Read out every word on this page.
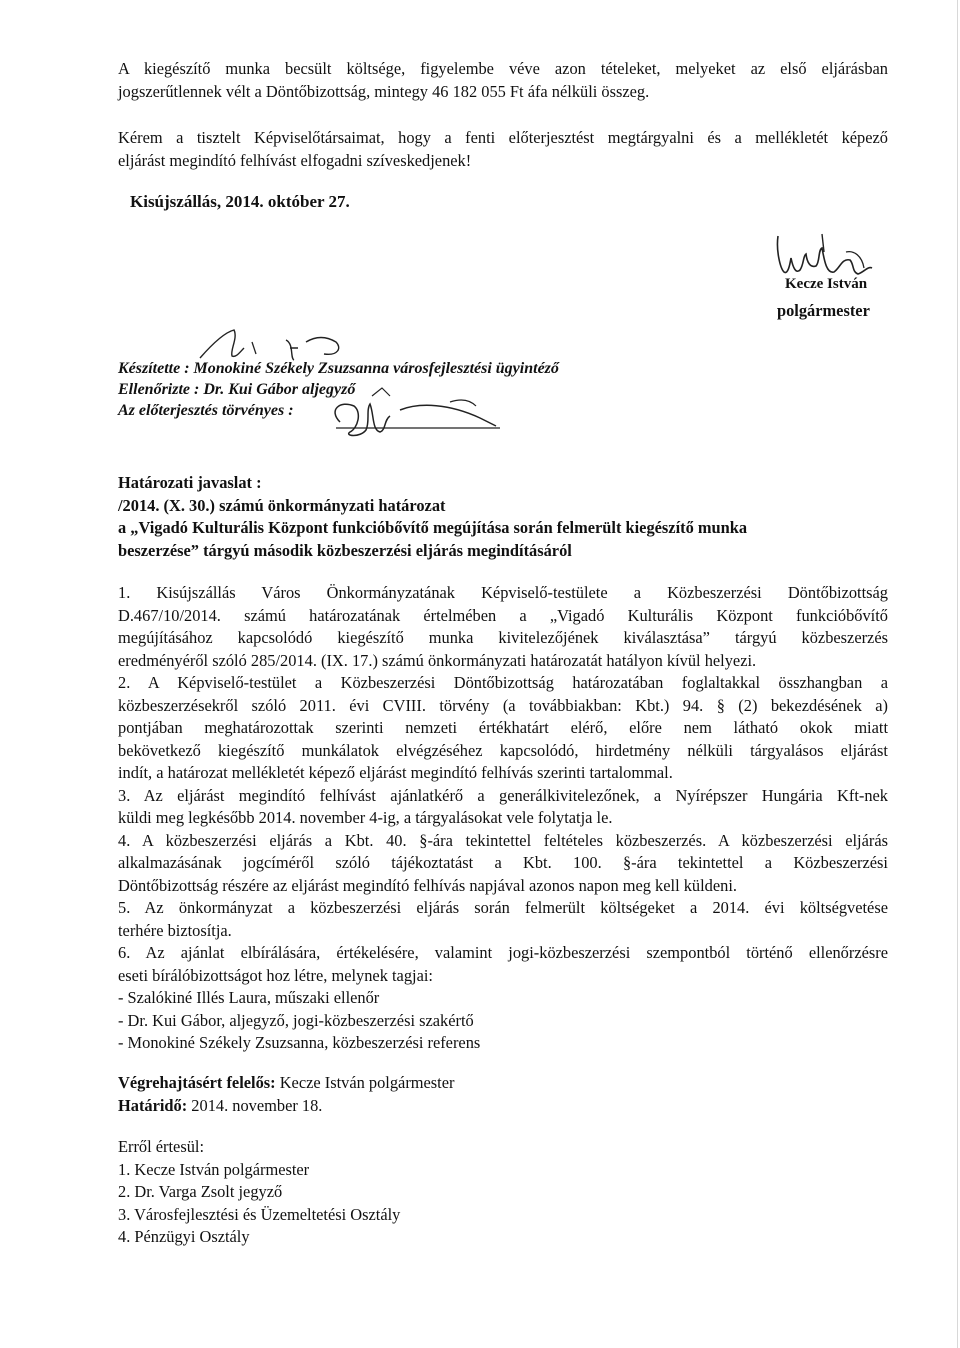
A kiegészítő munka becsült költsége, figyelembe véve azon tételeket, melyeket az első eljárásban
jogszerűtlennek vélt a Döntőbizottság, mintegy 46 182 055 Ft áfa nélküli összeg.
Kérem a tisztelt Képviselőtársaimat, hogy a fenti előterjesztést megtárgyalni és a mellékletét képező
eljárást megindító felhívást elfogadni szíveskedjenek!
Kisújszállás, 2014. október 27.
Kecze István
polgármester
Készítette : Monokiné Székely Zsuzsanna városfejlesztési ügyintéző
Ellenőrizte : Dr. Kui Gábor aljegyző
Az előterjesztés törvényes :
Határozati javaslat :
/2014. (X. 30.) számú önkormányzati határozat
a „Vigadó Kulturális Központ funkcióbővítő megújítása során felmerült kiegészítő munka
beszerzése” tárgyú második közbeszerzési eljárás megindításáról
1. Kisújszállás Város Önkormányzatának Képviselő-testülete a Közbeszerzési Döntőbizottság
D.467/10/2014. számú határozatának értelmében a „Vigadó Kulturális Központ funkcióbővítő
megújításához kapcsolódó kiegészítő munka kivitelezőjének kiválasztása” tárgyú közbeszerzés
eredményéről szóló 285/2014. (IX. 17.) számú önkormányzati határozatát hatályon kívül helyezi.
2. A Képviselő-testület a Közbeszerzési Döntőbizottság határozatában foglaltakkal összhangban a
közbeszerzésekről szóló 2011. évi CVIII. törvény (a továbbiakban: Kbt.) 94. § (2) bekezdésének a)
pontjában meghatározottak szerinti nemzeti értékhatárt elérő, előre nem látható okok miatt
bekövetkező kiegészítő munkálatok elvégzéséhez kapcsolódó, hirdetmény nélküli tárgyalásos eljárást
indít, a határozat mellékletét képező eljárást megindító felhívás szerinti tartalommal.
3. Az eljárást megindító felhívást ajánlatkérő a generálkivitelezőnek, a Nyírépszer Hungária Kft-nek
küldi meg legkésőbb 2014. november 4-ig, a tárgyalásokat vele folytatja le.
4. A közbeszerzési eljárás a Kbt. 40. §-ára tekintettel feltételes közbeszerzés. A közbeszerzési eljárás
alkalmazásának jogcíméről szóló tájékoztatást a Kbt. 100. §-ára tekintettel a Közbeszerzési
Döntőbizottság részére az eljárást megindító felhívás napjával azonos napon meg kell küldeni.
5. Az önkormányzat a közbeszerzési eljárás során felmerült költségeket a 2014. évi költségvetése
terhére biztosítja.
6. Az ajánlat elbírálására, értékelésére, valamint jogi-közbeszerzési szempontból történő ellenőrzésre
eseti bírálóbizottságot hoz létre, melynek tagjai:
- Szalókiné Illés Laura, műszaki ellenőr
- Dr. Kui Gábor, aljegyző, jogi-közbeszerzési szakértő
- Monokiné Székely Zsuzsanna, közbeszerzési referens
Végrehajtásért felelős: Kecze István polgármester
Határidő: 2014. november 18.
Erről értesül:
1. Kecze István polgármester
2. Dr. Varga Zsolt jegyző
3. Városfejlesztési és Üzemeltetési Osztály
4. Pénzügyi Osztály
